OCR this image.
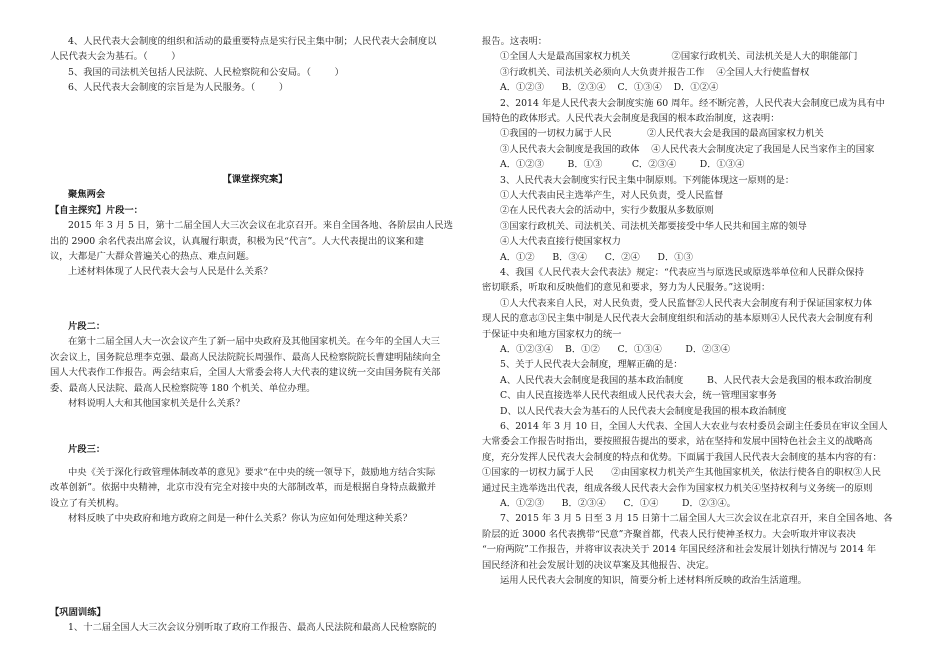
4、人民代表大会制度的组织和活动的最重要特点是实行民主集中制；人民代表大会制度以
人民代表大会为基石。（        ）
5、我国的司法机关包括人民法院、人民检察院和公安局。（        ）
6、人民代表大会制度的宗旨是为人民服务。（        ）
【课堂探究案】
聚焦两会
【自主探究】片段一：
2015 年 3 月 5 日，第十二届全国人大三次会议在北京召开。来自全国各地、各阶层由人民选
出的 2900 余名代表出席会议，认真履行职责，积极为民“代言”。人大代表提出的议案和建
议，大都是广大群众普遍关心的热点、难点问题。
上述材料体现了人民代表大会与人民是什么关系？
片段二：
在第十二届全国人大一次会议产生了新一届中央政府及其他国家机关。在今年的全国人大三
次会议上，国务院总理李克强、最高人民法院院长周强作、最高人民检察院院长曹建明陆续向全
国人大代表作工作报告。两会结束后，全国人大常委会将人大代表的建议统一交由国务院有关部
委、最高人民法院、最高人民检察院等 180 个机关、单位办理。
材料说明人大和其他国家机关是什么关系？
片段三：
中央《关于深化行政管理体制改革的意见》要求“在中央的统一领导下，鼓励地方结合实际
改革创新”。依据中央精神，北京市没有完全对接中央的大部制改革，而是根据自身特点裁撤并
设立了有关机构。
材料反映了中央政府和地方政府之间是一种什么关系？你认为应如何处理这种关系？
【巩固训练】
1、十二届全国人大三次会议分别听取了政府工作报告、最高人民法院和最高人民检察院的
报告。这表明：
①全国人大是最高国家权力机关              ②国家行政机关、司法机关是人大的职能部门
③行政机关、司法机关必须向人大负责并报告工作    ④全国人大行使监督权
A．①②③      B．②③④    C．①③④    D．①②④
2、2014 年是人民代表大会制度实施 60 周年。经不断完善，人民代表大会制度已成为具有中
国特色的政体形式。人民代表大会制度是我国的根本政治制度，这表明：
①我国的一切权力属于人民            ②人民代表大会是我国的最高国家权力机关
③人民代表大会制度是我国的政体    ④人民代表大会制度决定了我国是人民当家作主的国家
A．①②③        B．①③          C．②③④        D．①③④
3、人民代表大会制度实行民主集中制原则。下列能体现这一原则的是：
①人大代表由民主选举产生，对人民负责，受人民监督
②在人民代表大会的活动中，实行少数服从多数原则
③国家行政机关、司法机关、司法机关都要接受中华人民共和国主席的领导
④人大代表直接行使国家权力
A．①②      B．③④      C．②④      D．①③
4、我国《人民代表大会代表法》规定：“代表应当与原选民或原选举单位和人民群众保持
密切联系，听取和反映他们的意见和要求，努力为人民服务。”这说明：
①人大代表来自人民，对人民负责，受人民监督②人民代表大会制度有利于保证国家权力体
现人民的意志③民主集中制是人民代表大会制度组织和活动的基本原则④人民代表大会制度有利
于保证中央和地方国家权力的统一
A．①②③④    B．①②      C．①③④        D．②③④
5、关于人民代表大会制度，理解正确的是：
A、人民代表大会制度是我国的基本政治制度        B、人民代表大会是我国的根本政治制度
C、由人民直接选举人民代表组成人民代表大会，统一管理国家事务
D、以人民代表大会为基石的人民代表大会制度是我国的根本政治制度
6、2014 年 3 月 10 日，全国人大代表、全国人大农业与农村委员会副主任委员在审议全国人
大常委会工作报告时指出，要按照报告提出的要求，站在坚持和发展中国特色社会主义的战略高
度，充分发挥人民代表大会制度的特点和优势。下面属于我国人民代表大会制度的基本内容的有：
①国家的一切权力属于人民      ②由国家权力机关产生其他国家机关，依法行使各自的职权③人民
通过民主选举选出代表，组成各级人民代表大会作为国家权力机关④坚持权利与义务统一的原则
A．①②③      B．②③④      C．①④        D．②③④。
7、2015 年 3 月 5 日至 3 月 15 日第十二届全国人大三次会议在北京召开，来自全国各地、各
阶层的近 3000 名代表携带“民意”齐聚首都，代表人民行使神圣权力。大会听取并审议表决
“一府两院”工作报告，并将审议表决关于 2014 年国民经济和社会发展计划执行情况与 2014 年
国民经济和社会发展计划的决议草案及其他报告、决定。
运用人民代表大会制度的知识，简要分析上述材料所反映的政治生活道理。
